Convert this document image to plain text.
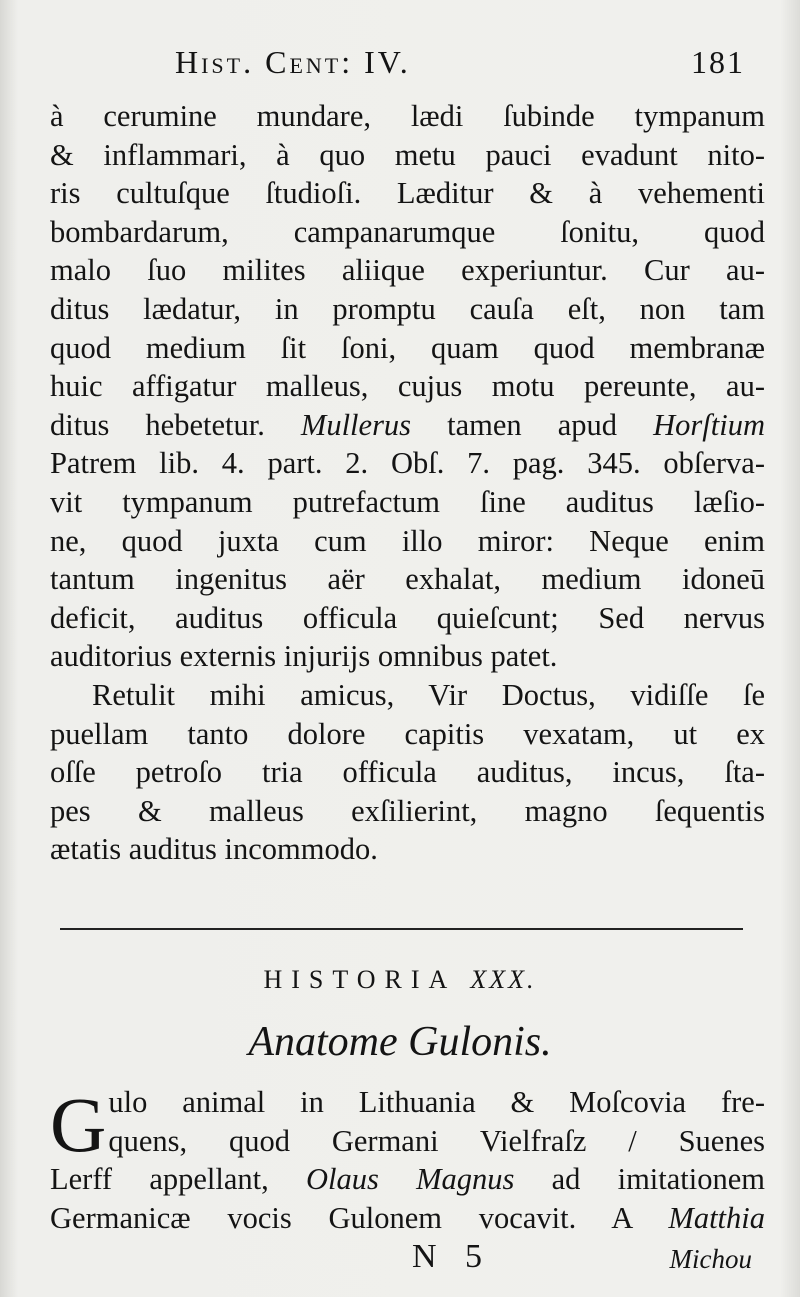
Hist. Cent: IV.	181
à cerumine mundare, lædi ſubinde tympanum
& inflammari, à quo metu pauci evadunt nito-
ris cultuſque ſtudioſi. Læditur & à vehementi
bombardarum, campanarumque ſonitu, quod
malo ſuo milites aliique experiuntur. Cur au-
ditus lædatur, in promptu cauſa eſt, non tam
quod medium ſit ſoni, quam quod membranæ
huic affigatur malleus, cujus motu pereunte, au-
ditus hebetetur. Mullerus tamen apud Horſtium
Patrem lib. 4. part. 2. Obſ. 7. pag. 345. obſerva-
vit tympanum putrefactum ſine auditus læſio-
ne, quod juxta cum illo miror: Neque enim
tantum ingenitus aër exhalat, medium idoneū
deficit, auditus officula quieſcunt; Sed nervus
auditorius externis injurijs omnibus patet.
Retulit mihi amicus, Vir Doctus, vidiſſe ſe
puellam tanto dolore capitis vexatam, ut ex
oſſe petroſo tria officula auditus, incus, ſta-
pes & malleus exſilierint, magno ſequentis
ætatis auditus incommodo.
HISTORIA XXX.
Anatome Gulonis.
G ulo animal in Lithuania & Moſcovia fre-
quens, quod Germani Vielfraſz / Suenes
Lerff appellant, Olaus Magnus ad imitationem
Germanicæ vocis Gulonem vocavit. A Matthia
N 5	Michou
